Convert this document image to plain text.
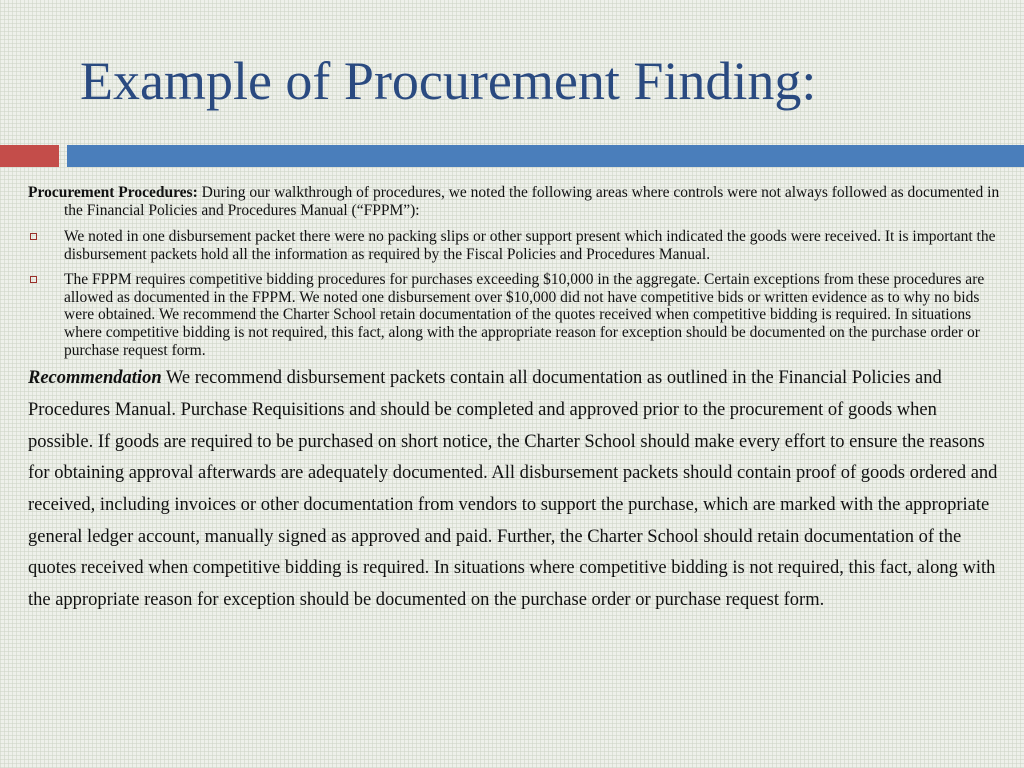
Example of Procurement Finding:

Procurement Procedures: During our walkthrough of procedures, we noted the following areas where controls were not always followed as documented in the Financial Policies and Procedures Manual (“FPPM”):

We noted in one disbursement packet there were no packing slips or other support present which indicated the goods were received. It is important the disbursement packets hold all the information as required by the Fiscal Policies and Procedures Manual.
The FPPM requires competitive bidding procedures for purchases exceeding $10,000 in the aggregate. Certain exceptions from these procedures are allowed as documented in the FPPM. We noted one disbursement over $10,000 did not have competitive bids or written evidence as to why no bids were obtained. We recommend the Charter School retain documentation of the quotes received when competitive bidding is required. In situations where competitive bidding is not required, this fact, along with the appropriate reason for exception should be documented on the purchase order or purchase request form.

Recommendation We recommend disbursement packets contain all documentation as outlined in the Financial Policies and Procedures Manual. Purchase Requisitions and should be completed and approved prior to the procurement of goods when possible. If goods are required to be purchased on short notice, the Charter School should make every effort to ensure the reasons for obtaining approval afterwards are adequately documented. All disbursement packets should contain proof of goods ordered and received, including invoices or other documentation from vendors to support the purchase, which are marked with the appropriate general ledger account, manually signed as approved and paid. Further, the Charter School should retain documentation of the quotes received when competitive bidding is required. In situations where competitive bidding is not required, this fact, along with the appropriate reason for exception should be documented on the purchase order or purchase request form.
